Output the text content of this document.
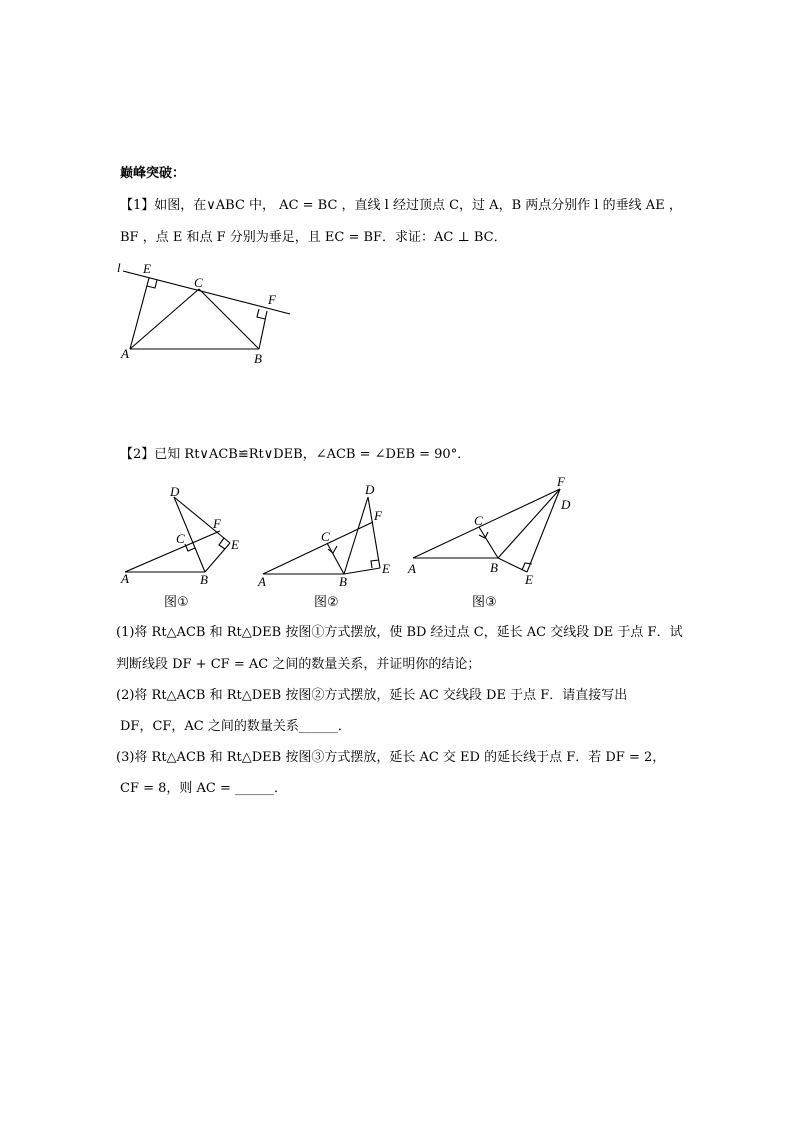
巅峰突破：
【1】如图，在∨ABC 中， AC = BC ，直线 l 经过顶点 C，过 A，B 两点分别作 l 的垂线 AE ，
BF ，点 E 和点 F 分别为垂足，且 EC = BF．求证：AC ⊥ BC．
l E
C
F
A	B
【2】已知 Rt∨ACB≌Rt∨DEB，∠ACB = ∠DEB = 90°．
D
F
C	E
A	B
图①
D
F
C
E
A	B
图②
F
D
C
A	B
E
图③
(1)将 Rt△ACB 和 Rt△DEB 按图①方式摆放，使 BD 经过点 C，延长 AC 交线段 DE 于点 F．试
判断线段 DF + CF = AC 之间的数量关系，并证明你的结论；
(2)将 Rt△ACB 和 Rt△DEB 按图②方式摆放，延长 AC 交线段 DE 于点 F．请直接写出
DF，CF，AC 之间的数量关系______．
(3)将 Rt△ACB 和 Rt△DEB 按图③方式摆放，延长 AC 交 ED 的延长线于点 F．若 DF = 2，
CF = 8，则 AC = ______．
